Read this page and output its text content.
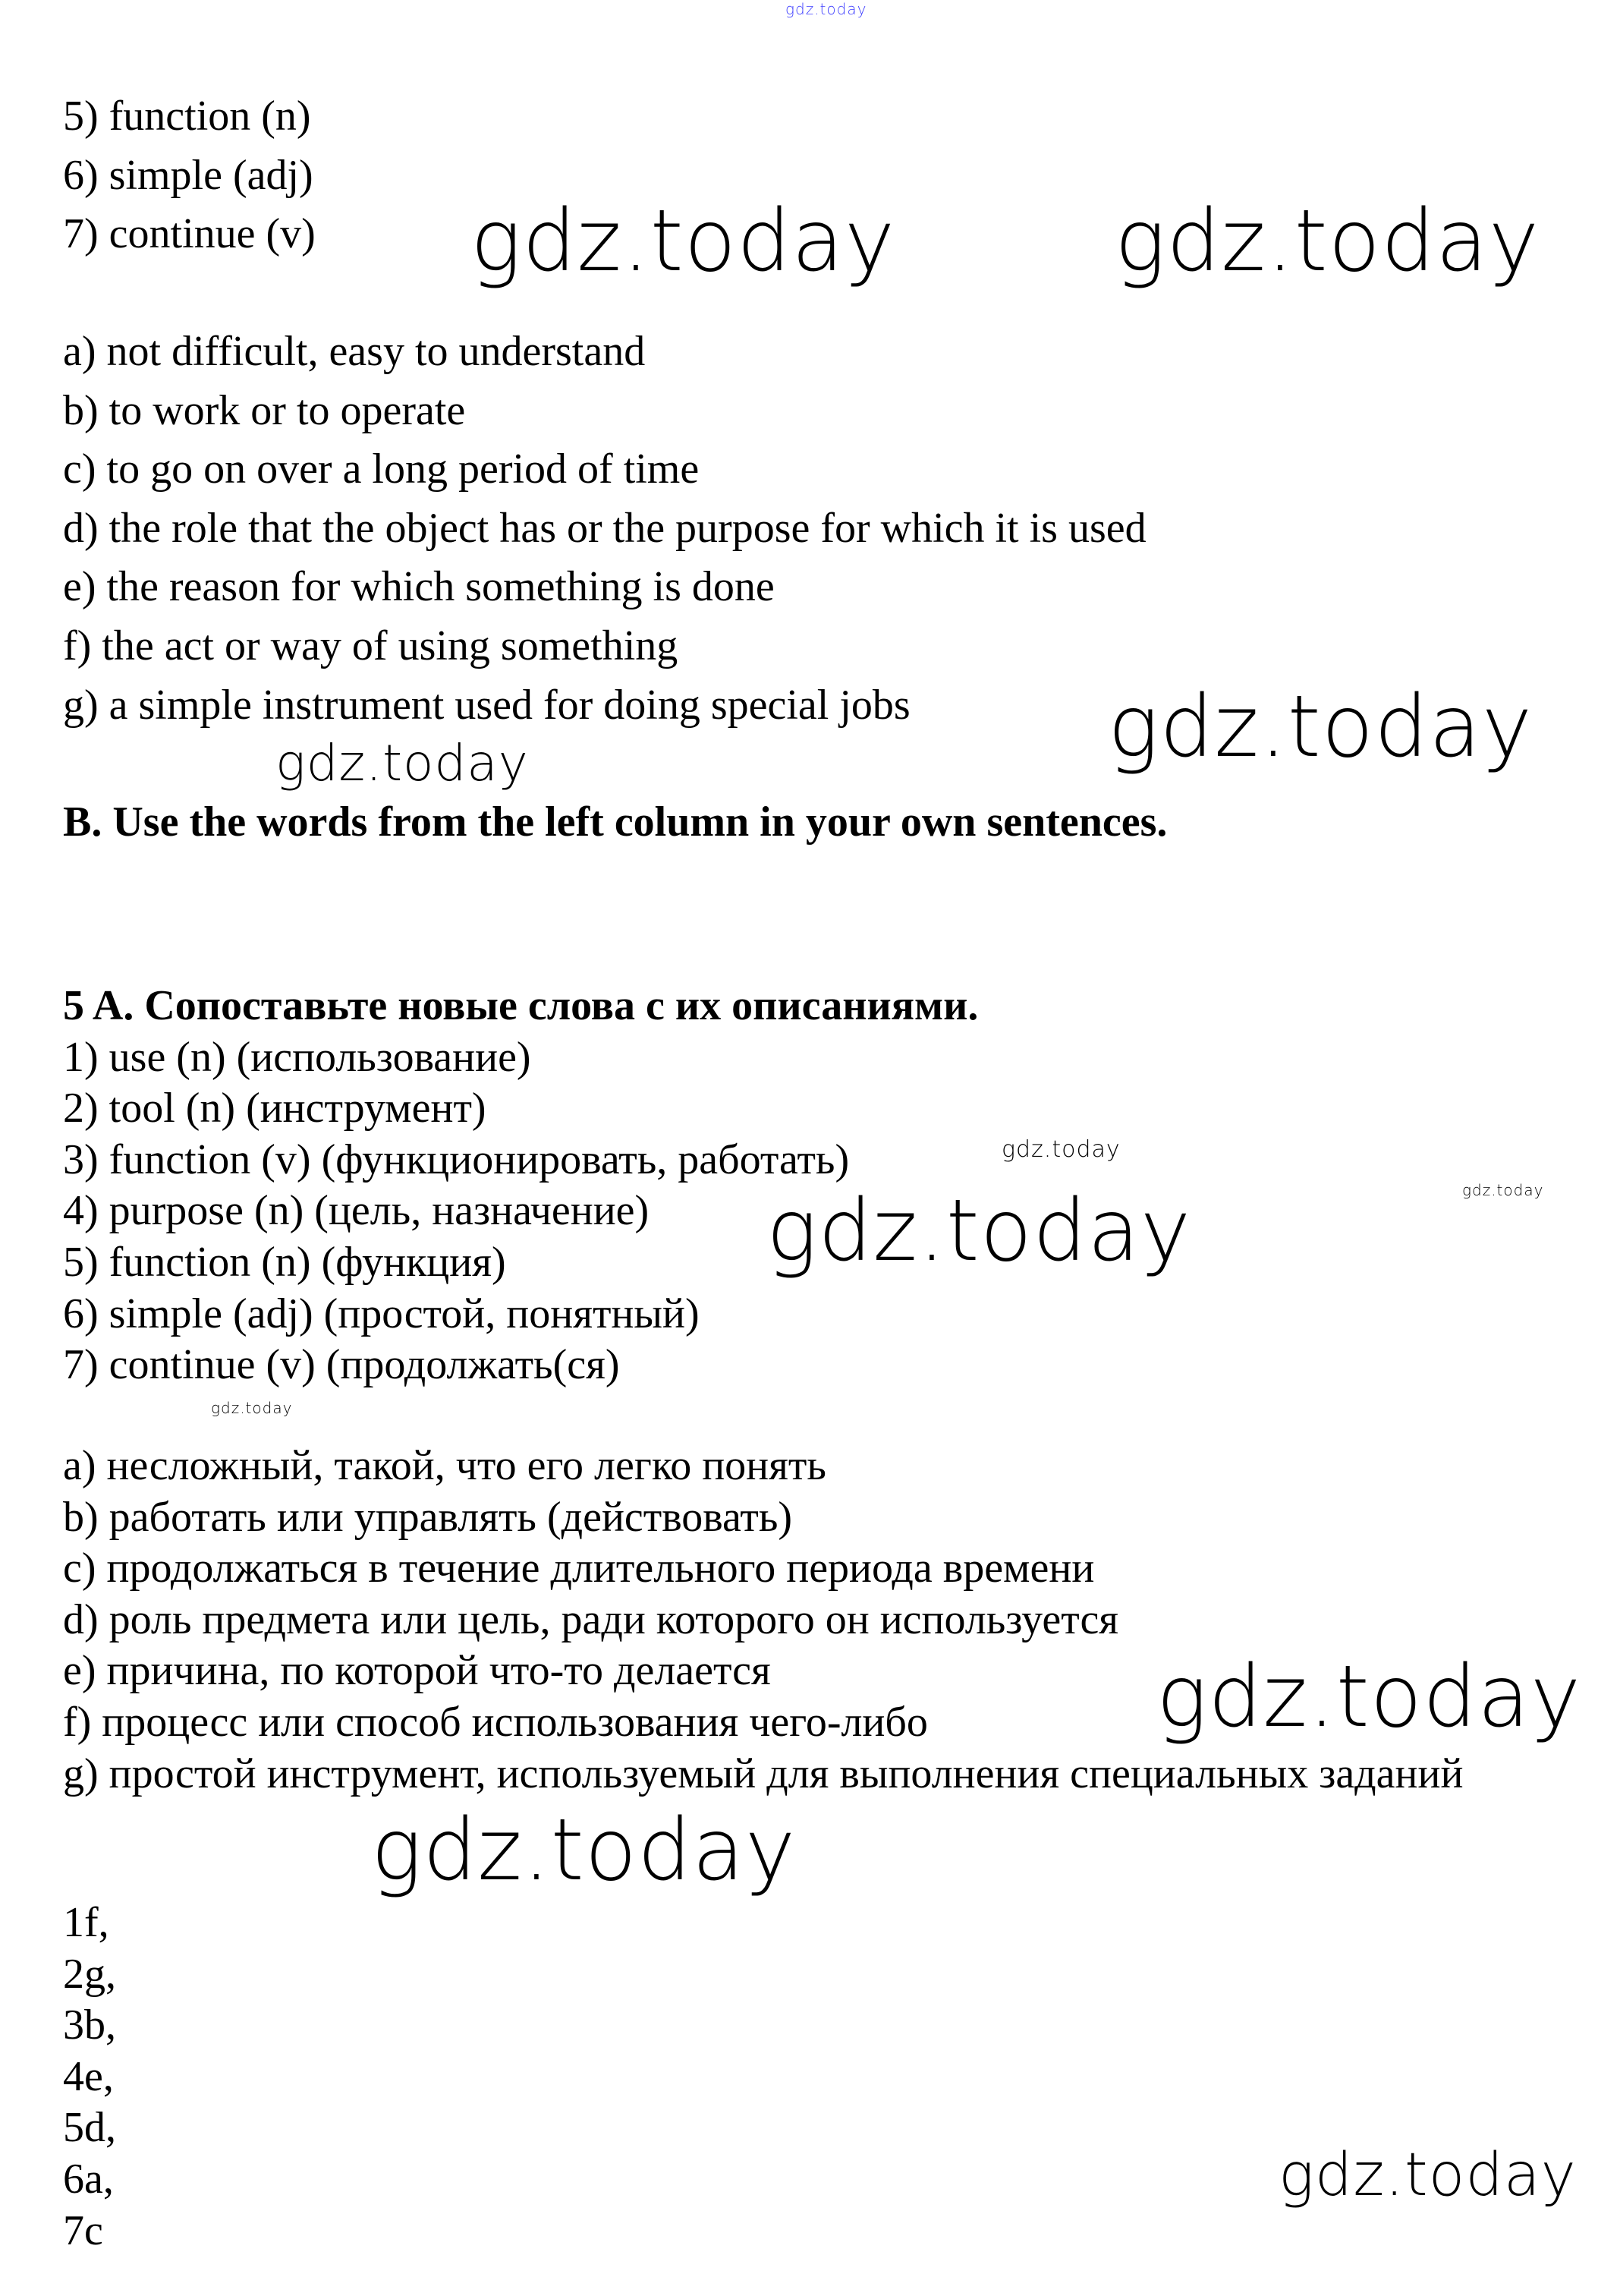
5) function (n)
6) simple (adj)
7) continue (v)
a) not difficult, easy to understand
b) to work or to operate
c) to go on over a long period of time
d) the role that the object has or the purpose for which it is used
e) the reason for which something is done
f) the act or way of using something
g) a simple instrument used for doing special jobs
B. Use the words from the left column in your own sentences.
5 A. Сопоставьте новые слова с их описаниями.
1) use (n) (использование)
2) tool (n) (инструмент)
3) function (v) (функционировать, работать)
4) purpose (n) (цель, назначение)
5) function (n) (функция)
6) simple (adj) (простой, понятный)
7) continue (v) (продолжать(ся)
a) несложный, такой, что его легко понять
b) работать или управлять (действовать)
c) продолжаться в течение длительного периода времени
d) роль предмета или цель, ради которого он используется
e) причина, по которой что-то делается
f) процесс или способ использования чего-либо
g) простой инструмент, используемый для выполнения специальных заданий
1f,
2g,
3b,
4e,
5d,
6a,
7c
gdz.today
gdz.today	gdz.today
gdz.today
gdz.today
gdz.today
gdz.today
gdz.today
gdz.today
gdz.today
gdz.today
gdz.today
